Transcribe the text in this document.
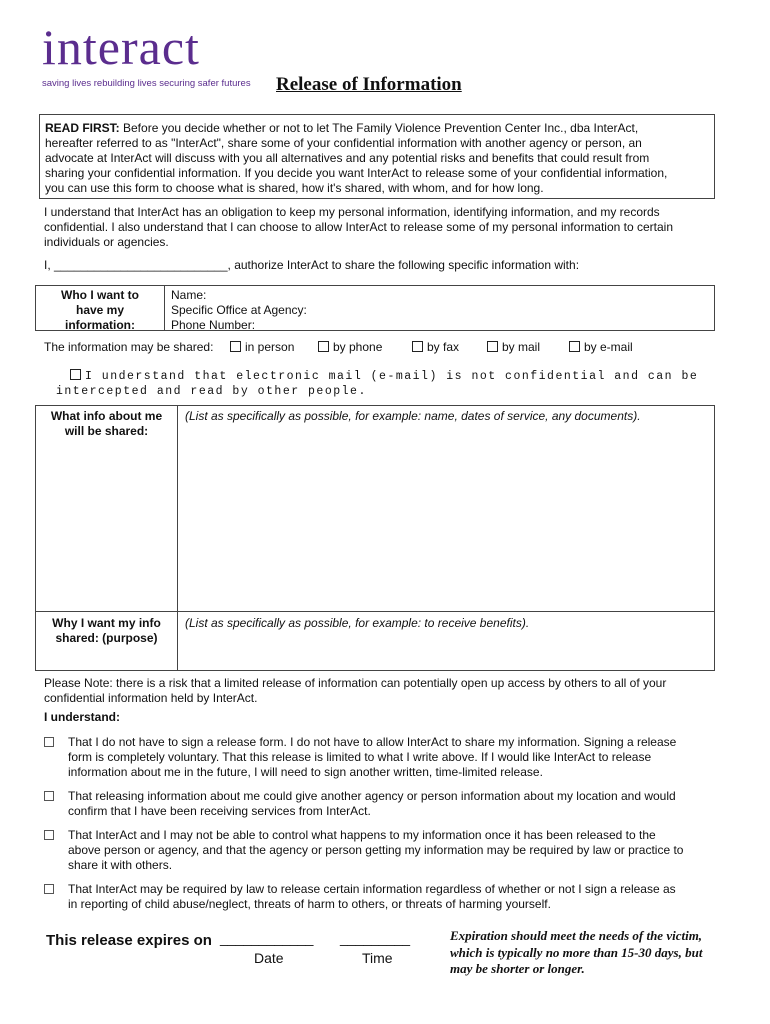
interact
saving lives rebuilding lives securing safer futures Release of Information
READ FIRST: Before you decide whether or not to let The Family Violence Prevention Center Inc., dba InterAct,
hereafter referred to as "InterAct", share some of your confidential information with another agency or person, an
advocate at InterAct will discuss with you all alternatives and any potential risks and benefits that could result from
sharing your confidential information. If you decide you want InterAct to release some of your confidential information,
you can use this form to choose what is shared, how it's shared, with whom, and for how long.
I understand that InterAct has an obligation to keep my personal information, identifying information, and my records
confidential. I also understand that I can choose to allow InterAct to release some of my personal information to certain
individuals or agencies.
I, __________________________, authorize InterAct to share the following specific information with:
Who I want to
have my
information:
Name:
Specific Office at Agency:
Phone Number:
The information may be shared:	in person	by phone	by fax	by mail	by e-mail
I understand that electronic mail (e-mail) is not confidential and can be
intercepted and read by other people.
What info about me
will be shared:
(List as specifically as possible, for example: name, dates of service, any documents).
Why I want my info
shared: (purpose)
(List as specifically as possible, for example: to receive benefits).
Please Note: there is a risk that a limited release of information can potentially open up access by others to all of your
confidential information held by InterAct.
I understand:
That I do not have to sign a release form. I do not have to allow InterAct to share my information. Signing a release
form is completely voluntary. That this release is limited to what I write above. If I would like InterAct to release
information about me in the future, I will need to sign another written, time-limited release.
That releasing information about me could give another agency or person information about my location and would
confirm that I have been receiving services from InterAct.
That InterAct and I may not be able to control what happens to my information once it has been released to the
above person or agency, and that the agency or person getting my information may be required by law or practice to
share it with others.
That InterAct may be required by law to release certain information regardless of whether or not I sign a release as
in reporting of child abuse/neglect, threats of harm to others, or threats of harming yourself.
This release expires on ____________ _________
Date	Time
Expiration should meet the needs of the victim,
which is typically no more than 15-30 days, but
may be shorter or longer.
